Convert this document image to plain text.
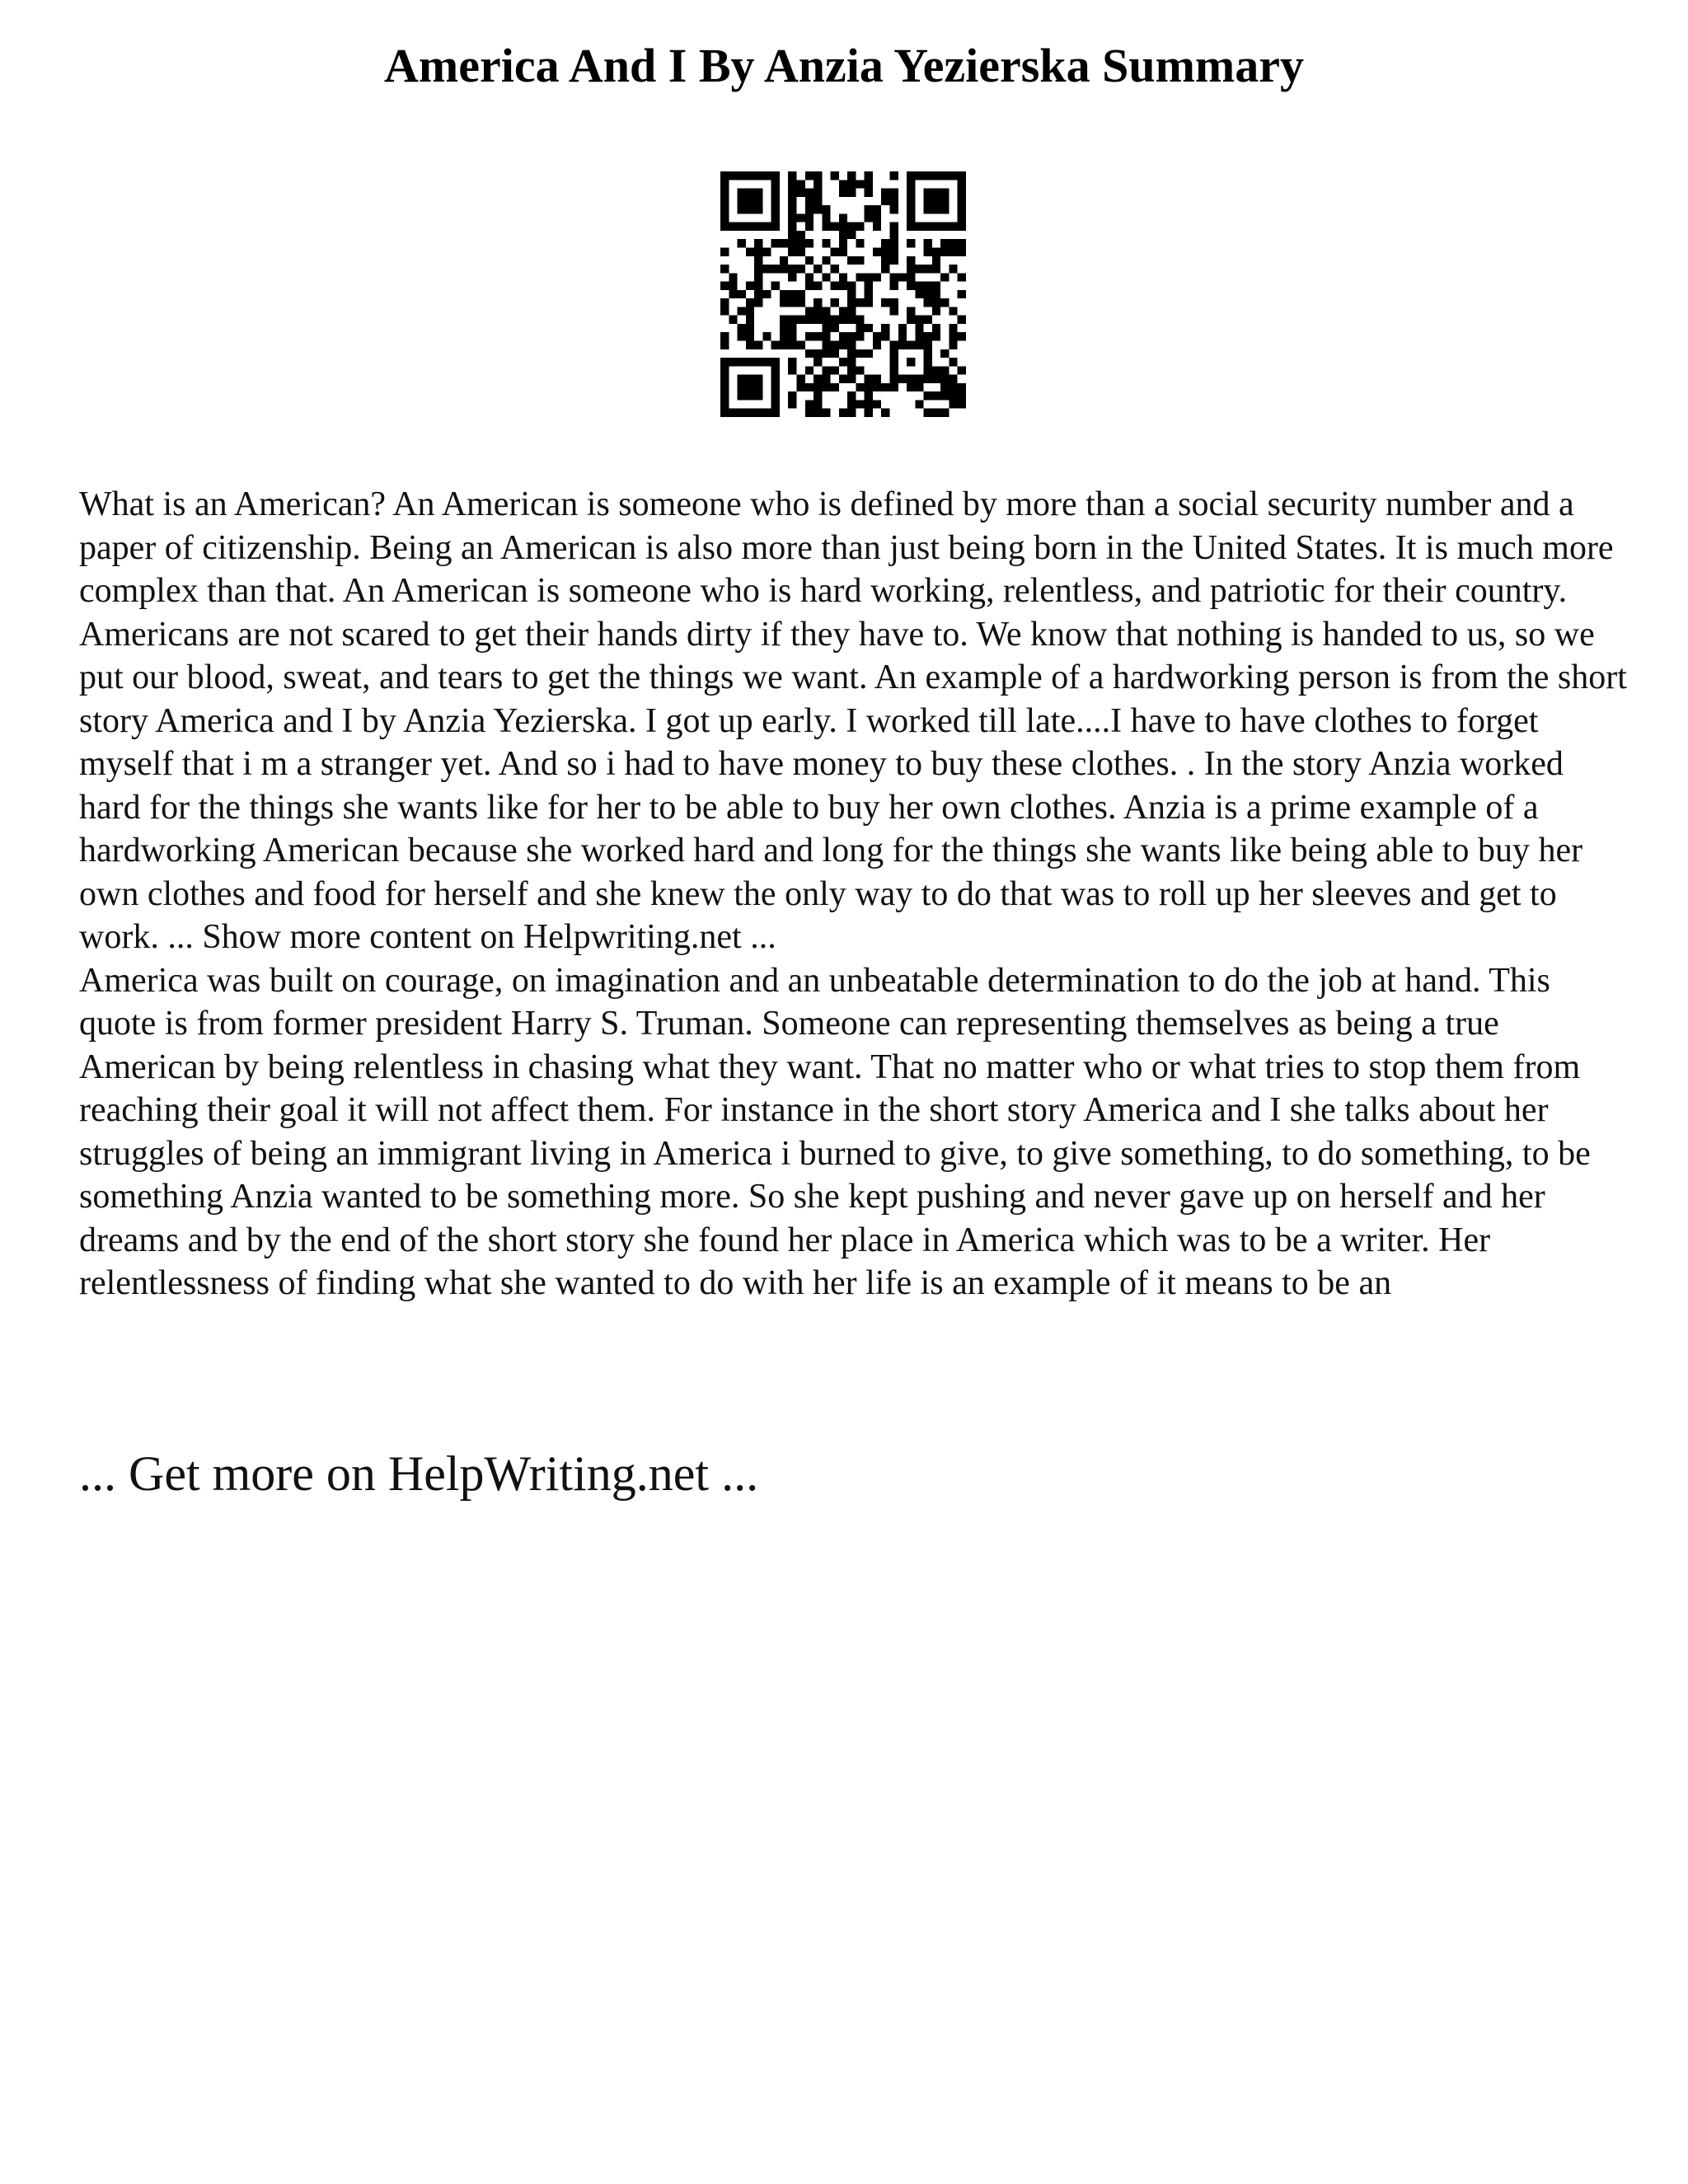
America And I By Anzia Yezierska Summary

What is an American? An American is someone who is defined by more than a social security number and a paper of citizenship. Being an American is also more than just being born in the United States. It is much more complex than that. An American is someone who is hard working, relentless, and patriotic for their country. Americans are not scared to get their hands dirty if they have to. We know that nothing is handed to us, so we put our blood, sweat, and tears to get the things we want. An example of a hardworking person is from the short story America and I by Anzia Yezierska. I got up early. I worked till late....I have to have clothes to forget myself that i m a stranger yet. And so i had to have money to buy these clothes. . In the story Anzia worked hard for the things she wants like for her to be able to buy her own clothes. Anzia is a prime example of a hardworking American because she worked hard and long for the things she wants like being able to buy her own clothes and food for herself and she knew the only way to do that was to roll up her sleeves and get to work. ... Show more content on Helpwriting.net ...

America was built on courage, on imagination and an unbeatable determination to do the job at hand. This quote is from former president Harry S. Truman. Someone can representing themselves as being a true American by being relentless in chasing what they want. That no matter who or what tries to stop them from reaching their goal it will not affect them. For instance in the short story America and I she talks about her struggles of being an immigrant living in America i burned to give, to give something, to do something, to be something Anzia wanted to be something more. So she kept pushing and never gave up on herself and her dreams and by the end of the short story she found her place in America which was to be a writer. Her relentlessness of finding what she wanted to do with her life is an example of it means to be an

... Get more on HelpWriting.net ...
